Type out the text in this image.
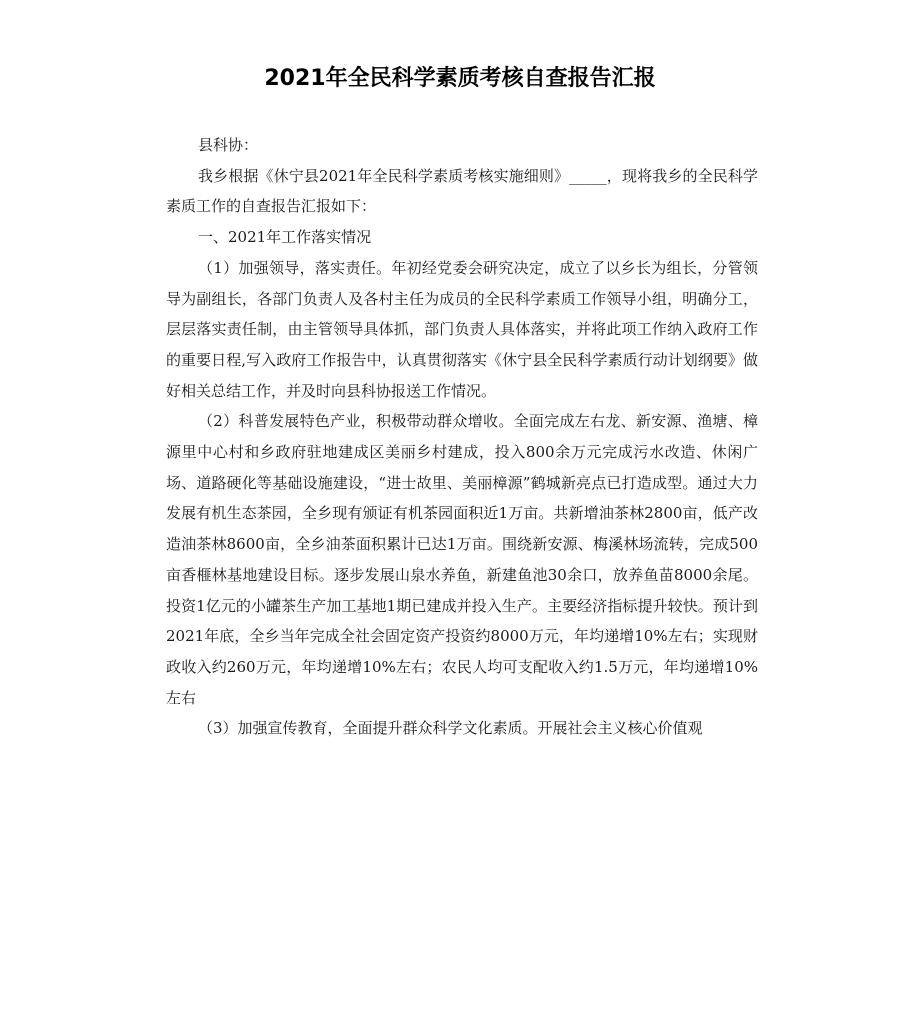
2021年全民科学素质考核自查报告汇报

县科协：

我乡根据《休宁县2021年全民科学素质考核实施细则》_____，现将我乡的全民科学素质工作的自查报告汇报如下：

一、2021年工作落实情况

（1）加强领导，落实责任。年初经党委会研究决定，成立了以乡长为组长，分管领导为副组长，各部门负责人及各村主任为成员的全民科学素质工作领导小组，明确分工，层层落实责任制，由主管领导具体抓，部门负责人具体落实，并将此项工作纳入政府工作的重要日程,写入政府工作报告中，认真贯彻落实《休宁县全民科学素质行动计划纲要》做好相关总结工作，并及时向县科协报送工作情况。

（2）科普发展特色产业，积极带动群众增收。全面完成左右龙、新安源、渔塘、樟源里中心村和乡政府驻地建成区美丽乡村建成，投入800余万元完成污水改造、休闲广场、道路硬化等基础设施建设，“进士故里、美丽樟源”鹤城新亮点已打造成型。通过大力发展有机生态茶园，全乡现有颁证有机茶园面积近1万亩。共新增油茶林2800亩，低产改造油茶林8600亩，全乡油茶面积累计已达1万亩。围绕新安源、梅溪林场流转，完成500亩香榧林基地建设目标。逐步发展山泉水养鱼，新建鱼池30余口，放养鱼苗8000余尾。投资1亿元的小罐茶生产加工基地1期已建成并投入生产。主要经济指标提升较快。预计到2021年底，全乡当年完成全社会固定资产投资约8000万元，年均递增10%左右；实现财政收入约260万元，年均递增10%左右；农民人均可支配收入约1.5万元，年均递增10%左右

（3）加强宣传教育，全面提升群众科学文化素质。开展社会主义核心价值观
